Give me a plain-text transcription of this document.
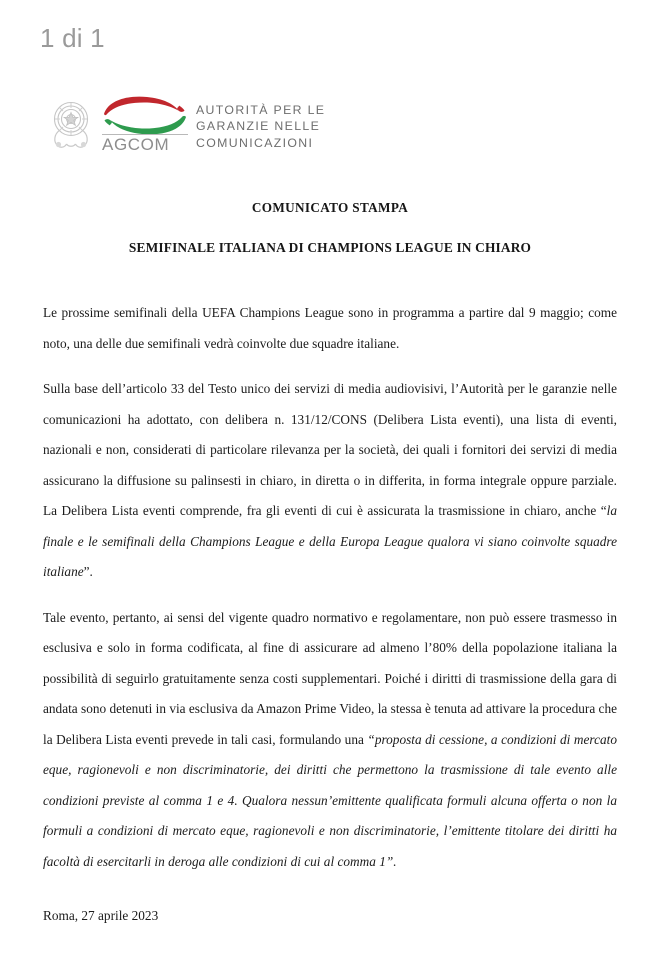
1 di 1
AGCOM
AUTORITÀ PER LE
GARANZIE NELLE
COMUNICAZIONI
COMUNICATO STAMPA
SEMIFINALE ITALIANA DI CHAMPIONS LEAGUE IN CHIARO

Le prossime semifinali della UEFA Champions League sono in programma a partire dal 9 maggio; come noto, una delle due semifinali vedrà coinvolte due squadre italiane.

Sulla base dell’articolo 33 del Testo unico dei servizi di media audiovisivi, l’Autorità per le garanzie nelle comunicazioni ha adottato, con delibera n. 131/12/CONS (Delibera Lista eventi), una lista di eventi, nazionali e non, considerati di particolare rilevanza per la società, dei quali i fornitori dei servizi di media assicurano la diffusione su palinsesti in chiaro, in diretta o in differita, in forma integrale oppure parziale. La Delibera Lista eventi comprende, fra gli eventi di cui è assicurata la trasmissione in chiaro, anche “la finale e le semifinali della Champions League e della Europa League qualora vi siano coinvolte squadre italiane”.

Tale evento, pertanto, ai sensi del vigente quadro normativo e regolamentare, non può essere trasmesso in esclusiva e solo in forma codificata, al fine di assicurare ad almeno l’80% della popolazione italiana la possibilità di seguirlo gratuitamente senza costi supplementari. Poiché i diritti di trasmissione della gara di andata sono detenuti in via esclusiva da Amazon Prime Video, la stessa è tenuta ad attivare la procedura che la Delibera Lista eventi prevede in tali casi, formulando una “proposta di cessione, a condizioni di mercato eque, ragionevoli e non discriminatorie, dei diritti che permettono la trasmissione di tale evento alle condizioni previste al comma 1 e 4. Qualora nessun’emittente qualificata formuli alcuna offerta o non la formuli a condizioni di mercato eque, ragionevoli e non discriminatorie, l’emittente titolare dei diritti ha facoltà di esercitarli in deroga alle condizioni di cui al comma 1”.

Roma, 27 aprile 2023
